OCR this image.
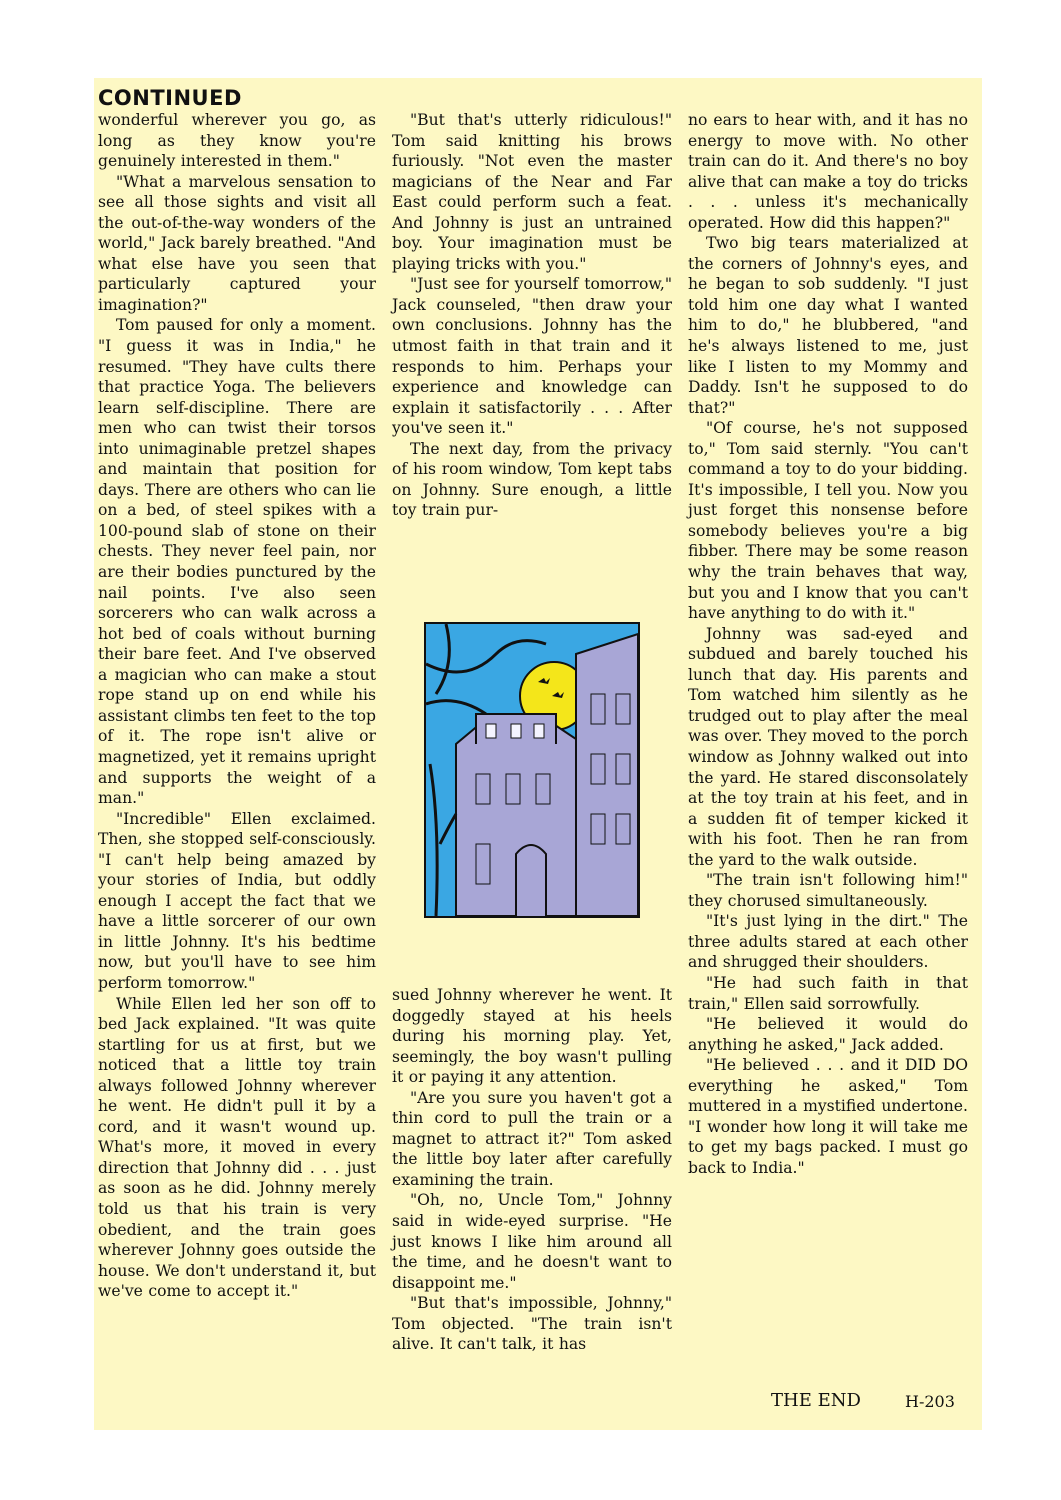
CONTINUED

wonderful wherever you go, as long as they know you're genuinely interested in them."

"What a marvelous sensation to see all those sights and visit all the out-of-the-way wonders of the world," Jack barely breathed. "And what else have you seen that particularly captured your imagination?"

Tom paused for only a moment. "I guess it was in India," he resumed. "They have cults there that practice Yoga. The believers learn self-discipline. There are men who can twist their torsos into unimaginable pretzel shapes and maintain that position for days. There are others who can lie on a bed, of steel spikes with a 100-pound slab of stone on their chests. They never feel pain, nor are their bodies punctured by the nail points. I've also seen sorcerers who can walk across a hot bed of coals without burning their bare feet. And I've observed a magician who can make a stout rope stand up on end while his assistant climbs ten feet to the top of it. The rope isn't alive or magnetized, yet it remains upright and supports the weight of a man."

"Incredible" Ellen exclaimed. Then, she stopped self-consciously. "I can't help being amazed by your stories of India, but oddly enough I accept the fact that we have a little sorcerer of our own in little Johnny. It's his bedtime now, but you'll have to see him perform tomorrow."

While Ellen led her son off to bed Jack explained. "It was quite startling for us at first, but we noticed that a little toy train always followed Johnny wherever he went. He didn't pull it by a cord, and it wasn't wound up. What's more, it moved in every direction that Johnny did . . . just as soon as he did. Johnny merely told us that his train is very obedient, and the train goes wherever Johnny goes outside the house. We don't understand it, but we've come to accept it."

"But that's utterly ridiculous!" Tom said knitting his brows furiously. "Not even the master magicians of the Near and Far East could perform such a feat. And Johnny is just an untrained boy. Your imagination must be playing tricks with you."

"Just see for yourself tomorrow," Jack counseled, "then draw your own conclusions. Johnny has the utmost faith in that train and it responds to him. Perhaps your experience and knowledge can explain it satisfactorily . . . After you've seen it."

The next day, from the privacy of his room window, Tom kept tabs on Johnny. Sure enough, a little toy train pur-

sued Johnny wherever he went. It doggedly stayed at his heels during his morning play. Yet, seemingly, the boy wasn't pulling it or paying it any attention.

"Are you sure you haven't got a thin cord to pull the train or a magnet to attract it?" Tom asked the little boy later after carefully examining the train.

"Oh, no, Uncle Tom," Johnny said in wide-eyed surprise. "He just knows I like him around all the time, and he doesn't want to disappoint me."

"But that's impossible, Johnny," Tom objected. "The train isn't alive. It can't talk, it has

no ears to hear with, and it has no energy to move with. No other train can do it. And there's no boy alive that can make a toy do tricks . . . unless it's mechanically operated. How did this happen?"

Two big tears materialized at the corners of Johnny's eyes, and he began to sob suddenly. "I just told him one day what I wanted him to do," he blubbered, "and he's always listened to me, just like I listen to my Mommy and Daddy. Isn't he supposed to do that?"

"Of course, he's not supposed to," Tom said sternly. "You can't command a toy to do your bidding. It's impossible, I tell you. Now you just forget this nonsense before somebody believes you're a big fibber. There may be some reason why the train behaves that way, but you and I know that you can't have anything to do with it."

Johnny was sad-eyed and subdued and barely touched his lunch that day. His parents and Tom watched him silently as he trudged out to play after the meal was over. They moved to the porch window as Johnny walked out into the yard. He stared disconsolately at the toy train at his feet, and in a sudden fit of temper kicked it with his foot. Then he ran from the yard to the walk outside.

"The train isn't following him!" they chorused simultaneously.

"It's just lying in the dirt." The three adults stared at each other and shrugged their shoulders.

"He had such faith in that train," Ellen said sorrowfully.

"He believed it would do anything he asked," Jack added.

"He believed . . . and it DID DO everything he asked," Tom muttered in a mystified undertone. "I wonder how long it will take me to get my bags packed. I must go back to India."

THE END	H-203
